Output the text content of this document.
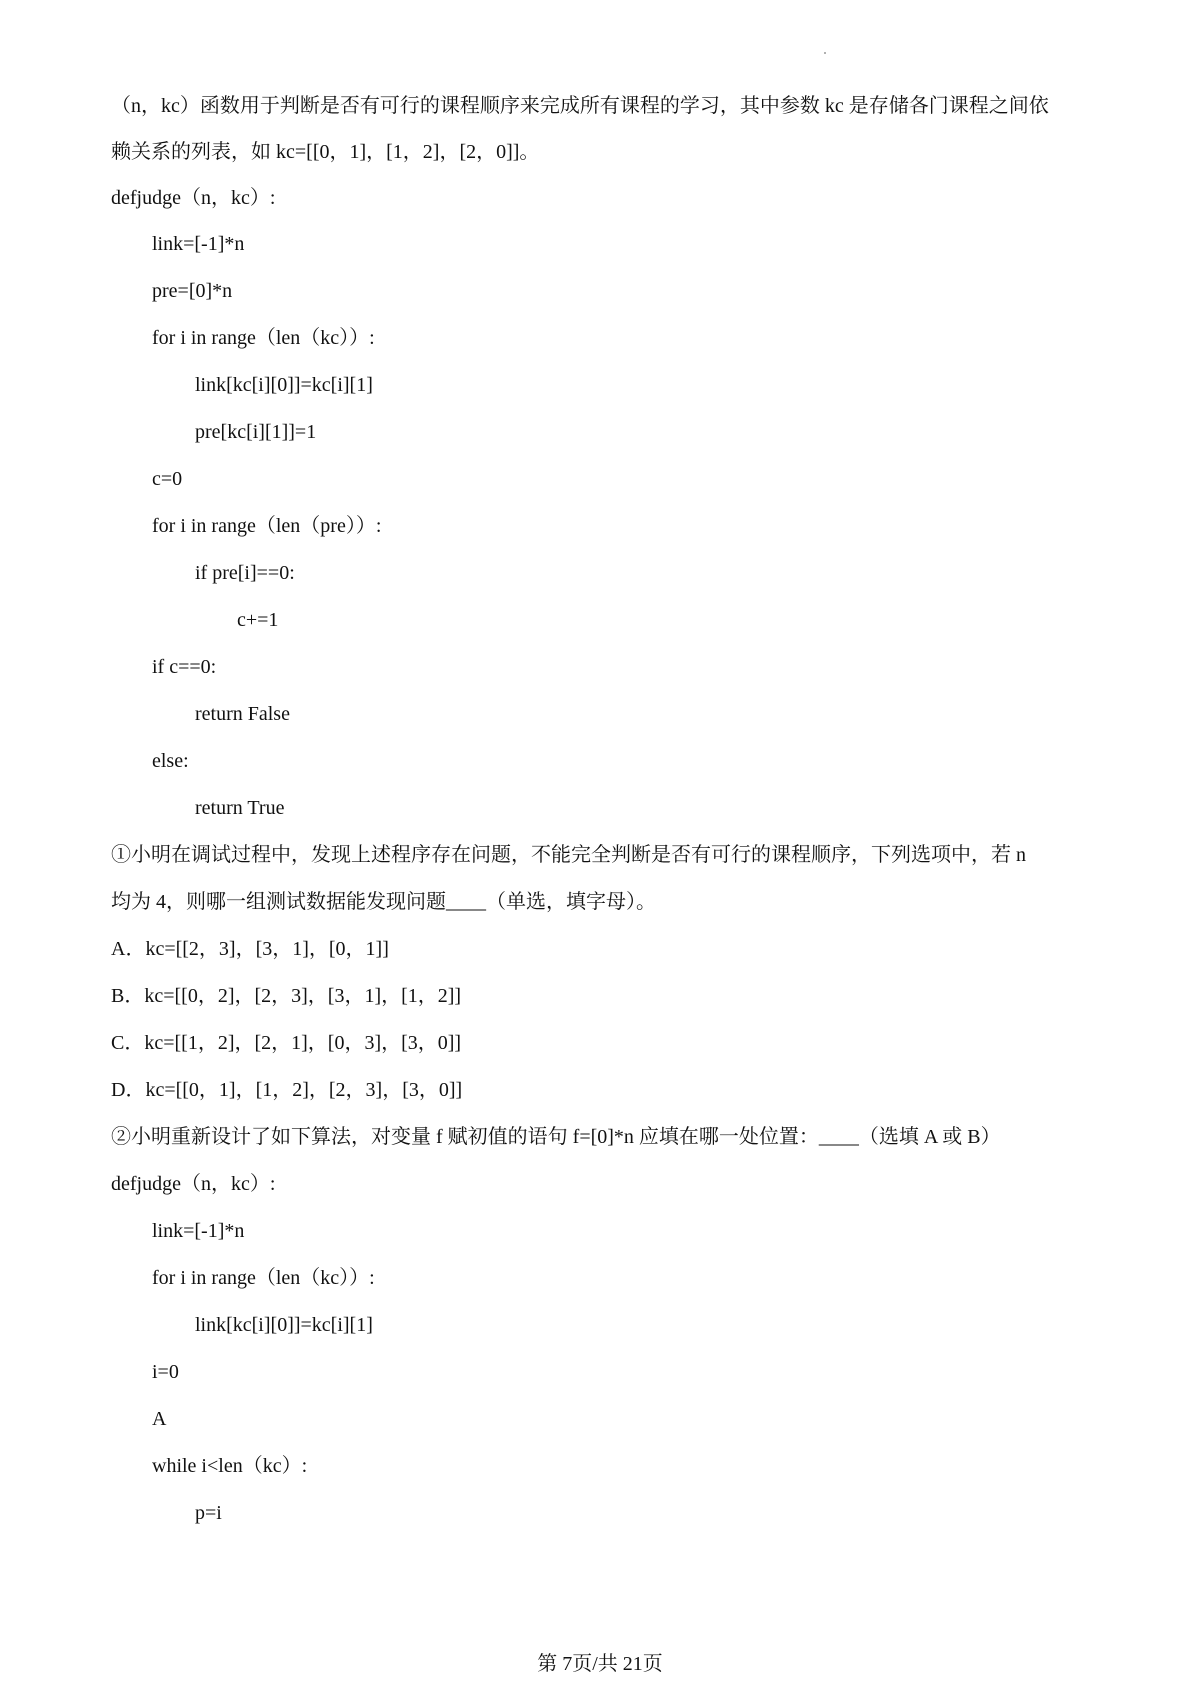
（n，kc）函数用于判断是否有可行的课程顺序来完成所有课程的学习，其中参数 kc 是存储各门课程之间依
赖关系的列表，如 kc=[[0，1]，[1，2]，[2，0]]。
defjudge（n，kc）:
link=[-1]*n
pre=[0]*n
for i in range（len（kc））:
link[kc[i][0]]=kc[i][1]
pre[kc[i][1]]=1
c=0
for i in range（len（pre））:
if pre[i]==0:
c+=1
if c==0:
return False
else:
return True
①小明在调试过程中，发现上述程序存在问题，不能完全判断是否有可行的课程顺序，下列选项中，若 n
均为 4，则哪一组测试数据能发现问题____（单选，填字母）。
A．kc=[[2，3]，[3，1]，[0，1]]
B．kc=[[0，2]，[2，3]，[3，1]，[1，2]]
C．kc=[[1，2]，[2，1]，[0，3]，[3，0]]
D．kc=[[0，1]，[1，2]，[2，3]，[3，0]]
②小明重新设计了如下算法，对变量 f 赋初值的语句 f=[0]*n 应填在哪一处位置：____（选填 A 或 B）
defjudge（n，kc）:
link=[-1]*n
for i in range（len（kc））:
link[kc[i][0]]=kc[i][1]
i=0
A
while i<len（kc）:
p=i
第 7页/共 21页
